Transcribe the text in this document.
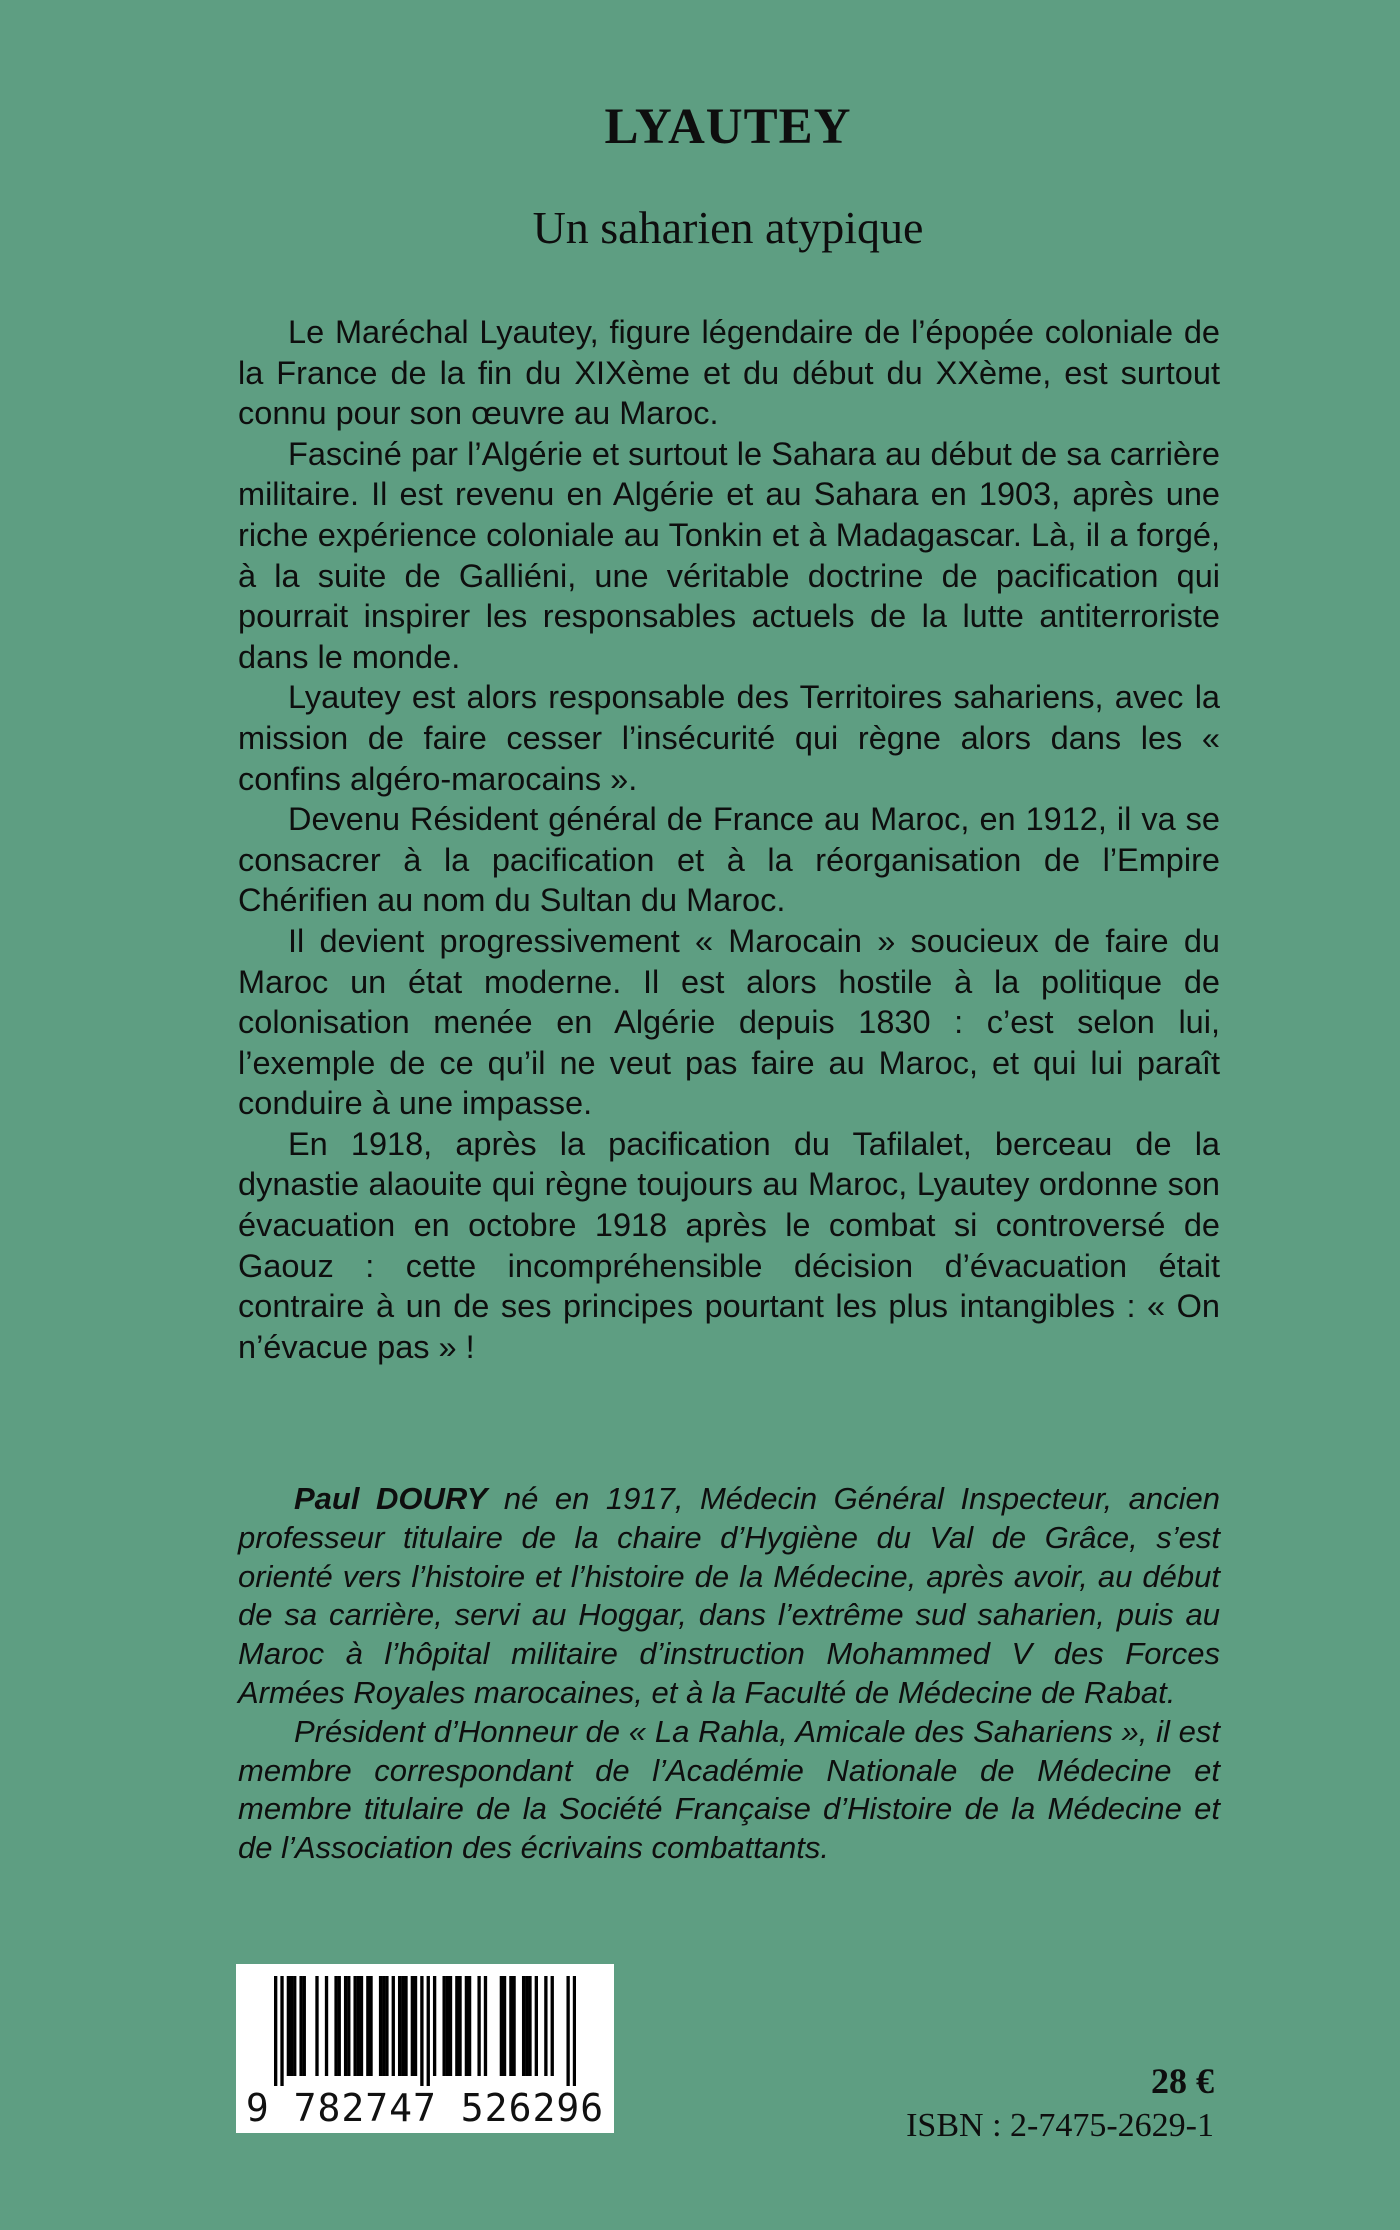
LYAUTEY
Un saharien atypique

Le Maréchal Lyautey, figure légendaire de l’épopée coloniale de la France de la fin du XIXème et du début du XXème, est surtout connu pour son œuvre au Maroc.

Fasciné par l’Algérie et surtout le Sahara au début de sa carrière militaire. Il est revenu en Algérie et au Sahara en 1903, après une riche expérience coloniale au Tonkin et à Madagascar. Là, il a forgé, à la suite de Galliéni, une véritable doctrine de pacification qui pourrait inspirer les responsables actuels de la lutte antiterroriste dans le monde.

Lyautey est alors responsable des Territoires sahariens, avec la mission de faire cesser l’insécurité qui règne alors dans les « confins algéro-marocains ».

Devenu Résident général de France au Maroc, en 1912, il va se consacrer à la pacification et à la réorganisation de l’Empire Chérifien au nom du Sultan du Maroc.

Il devient progressivement « Marocain » soucieux de faire du Maroc un état moderne. Il est alors hostile à la politique de colonisation menée en Algérie depuis 1830 : c’est selon lui, l’exemple de ce qu’il ne veut pas faire au Maroc, et qui lui paraît conduire à une impasse.

En 1918, après la pacification du Tafilalet, berceau de la dynastie alaouite qui règne toujours au Maroc, Lyautey ordonne son évacuation en octobre 1918 après le combat si controversé de Gaouz : cette incompréhensible décision d’évacuation était contraire à un de ses principes pourtant les plus intangibles : « On n’évacue pas » !

Paul DOURY né en 1917, Médecin Général Inspecteur, ancien professeur titulaire de la chaire d’Hygiène du Val de Grâce, s’est orienté vers l’histoire et l’histoire de la Médecine, après avoir, au début de sa carrière, servi au Hoggar, dans l’extrême sud saharien, puis au Maroc à l’hôpital militaire d’instruction Mohammed V des Forces Armées Royales marocaines, et à la Faculté de Médecine de Rabat.

Président d’Honneur de « La Rahla, Amicale des Sahariens », il est membre correspondant de l’Académie Nationale de Médecine et membre titulaire de la Société Française d’Histoire de la Médecine et de l’Association des écrivains combattants.

9 782747 526296
28 €
ISBN : 2-7475-2629-1
